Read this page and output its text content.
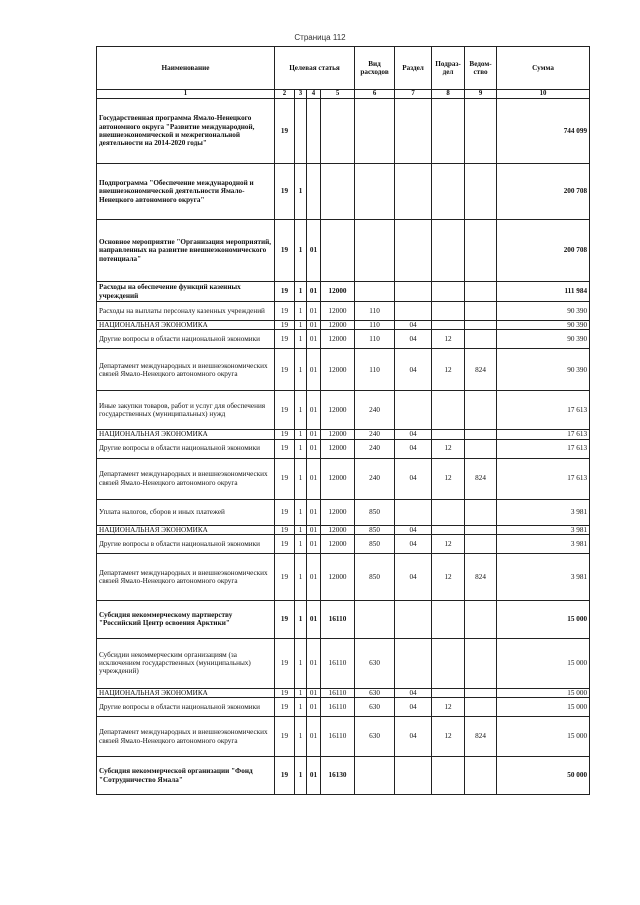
Страница 112
Наименование	Целевая статья				Вид расходов	Раздел	Подраз-дел	Ведом-ство	Сумма
1	2	3	4	5	6	7	8	9	10
Государственная программа Ямало-Ненецкого автономного округа "Развитие международной, внешнеэкономической и межрегиональной деятельности на 2014-2020 годы"	19								744 099
Подпрограмма "Обеспечение международной и внешнеэкономической деятельности Ямало-Ненецкого автономного округа"	19	1							200 708
Основное мероприятие "Организация мероприятий, направленных на развитие внешнеэкономического потенциала"	19	1	01						200 708
Расходы на обеспечение функций казенных учреждений	19	1	01	12000					111 984
Расходы на выплаты персоналу казенных учреждений	19	1	01	12000	110				90 390
НАЦИОНАЛЬНАЯ ЭКОНОМИКА	19	1	01	12000	110	04			90 390
Другие вопросы в области национальной экономики	19	1	01	12000	110	04	12		90 390
Департамент международных и внешнеэкономических связей Ямало-Ненецкого автономного округа	19	1	01	12000	110	04	12	824	90 390
Иные закупки товаров, работ и услуг для обеспечения государственных (муниципальных) нужд	19	1	01	12000	240				17 613
НАЦИОНАЛЬНАЯ ЭКОНОМИКА	19	1	01	12000	240	04			17 613
Другие вопросы в области национальной экономики	19	1	01	12000	240	04	12		17 613
Департамент международных и внешнеэкономических связей Ямало-Ненецкого автономного округа	19	1	01	12000	240	04	12	824	17 613
Уплата налогов, сборов и иных платежей	19	1	01	12000	850				3 981
НАЦИОНАЛЬНАЯ ЭКОНОМИКА	19	1	01	12000	850	04			3 981
Другие вопросы в области национальной экономики	19	1	01	12000	850	04	12		3 981
Департамент международных и внешнеэкономических связей Ямало-Ненецкого автономного округа	19	1	01	12000	850	04	12	824	3 981
Субсидия некоммерческому партнерству "Российский Центр освоения Арктики"	19	1	01	16110					15 000
Субсидии некоммерческим организациям (за исключением государственных (муниципальных) учреждений)	19	1	01	16110	630				15 000
НАЦИОНАЛЬНАЯ ЭКОНОМИКА	19	1	01	16110	630	04			15 000
Другие вопросы в области национальной экономики	19	1	01	16110	630	04	12		15 000
Департамент международных и внешнеэкономических связей Ямало-Ненецкого автономного округа	19	1	01	16110	630	04	12	824	15 000
Субсидия некоммерческой организации "Фонд "Сотрудничество Ямала"	19	1	01	16130					50 000
